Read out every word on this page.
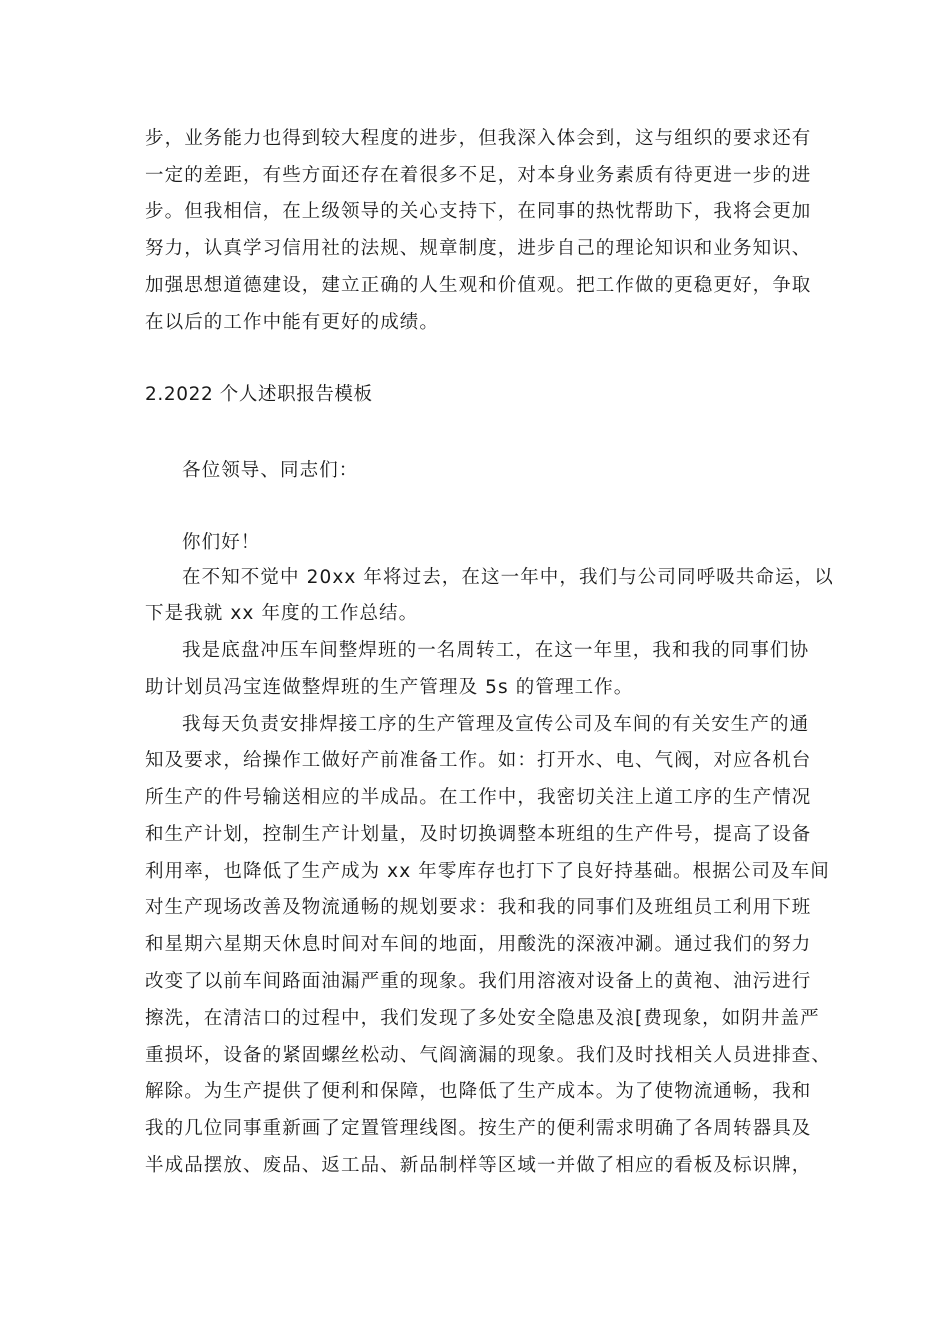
步，业务能力也得到较大程度的进步，但我深入体会到，这与组织的要求还有
一定的差距，有些方面还存在着很多不足，对本身业务素质有待更进一步的进
步。但我相信，在上级领导的关心支持下，在同事的热忱帮助下，我将会更加
努力，认真学习信用社的法规、规章制度，进步自己的理论知识和业务知识、
加强思想道德建设，建立正确的人生观和价值观。把工作做的更稳更好，争取
在以后的工作中能有更好的成绩。
2.2022 个人述职报告模板
各位领导、同志们：
你们好！
在不知不觉中 20xx 年将过去，在这一年中，我们与公司同呼吸共命运，以
下是我就 xx 年度的工作总结。
我是底盘冲压车间整焊班的一名周转工，在这一年里，我和我的同事们协
助计划员冯宝连做整焊班的生产管理及 5s 的管理工作。
我每天负责安排焊接工序的生产管理及宣传公司及车间的有关安生产的通
知及要求，给操作工做好产前准备工作。如：打开水、电、气阀，对应各机台
所生产的件号输送相应的半成品。在工作中，我密切关注上道工序的生产情况
和生产计划，控制生产计划量，及时切换调整本班组的生产件号，提高了设备
利用率，也降低了生产成为 xx 年零库存也打下了良好持基础。根据公司及车间
对生产现场改善及物流通畅的规划要求：我和我的同事们及班组员工利用下班
和星期六星期天休息时间对车间的地面，用酸洗的深液冲涮。通过我们的努力
改变了以前车间路面油漏严重的现象。我们用溶液对设备上的黄袍、油污进行
擦洗，在清洁口的过程中，我们发现了多处安全隐患及浪[费现象，如阴井盖严
重损坏，设备的紧固螺丝松动、气阎滴漏的现象。我们及时找相关人员进排查、
解除。为生产提供了便利和保障，也降低了生产成本。为了使物流通畅，我和
我的几位同事重新画了定置管理线图。按生产的便利需求明确了各周转器具及
半成品摆放、废品、返工品、新品制样等区域一并做了相应的看板及标识牌，
